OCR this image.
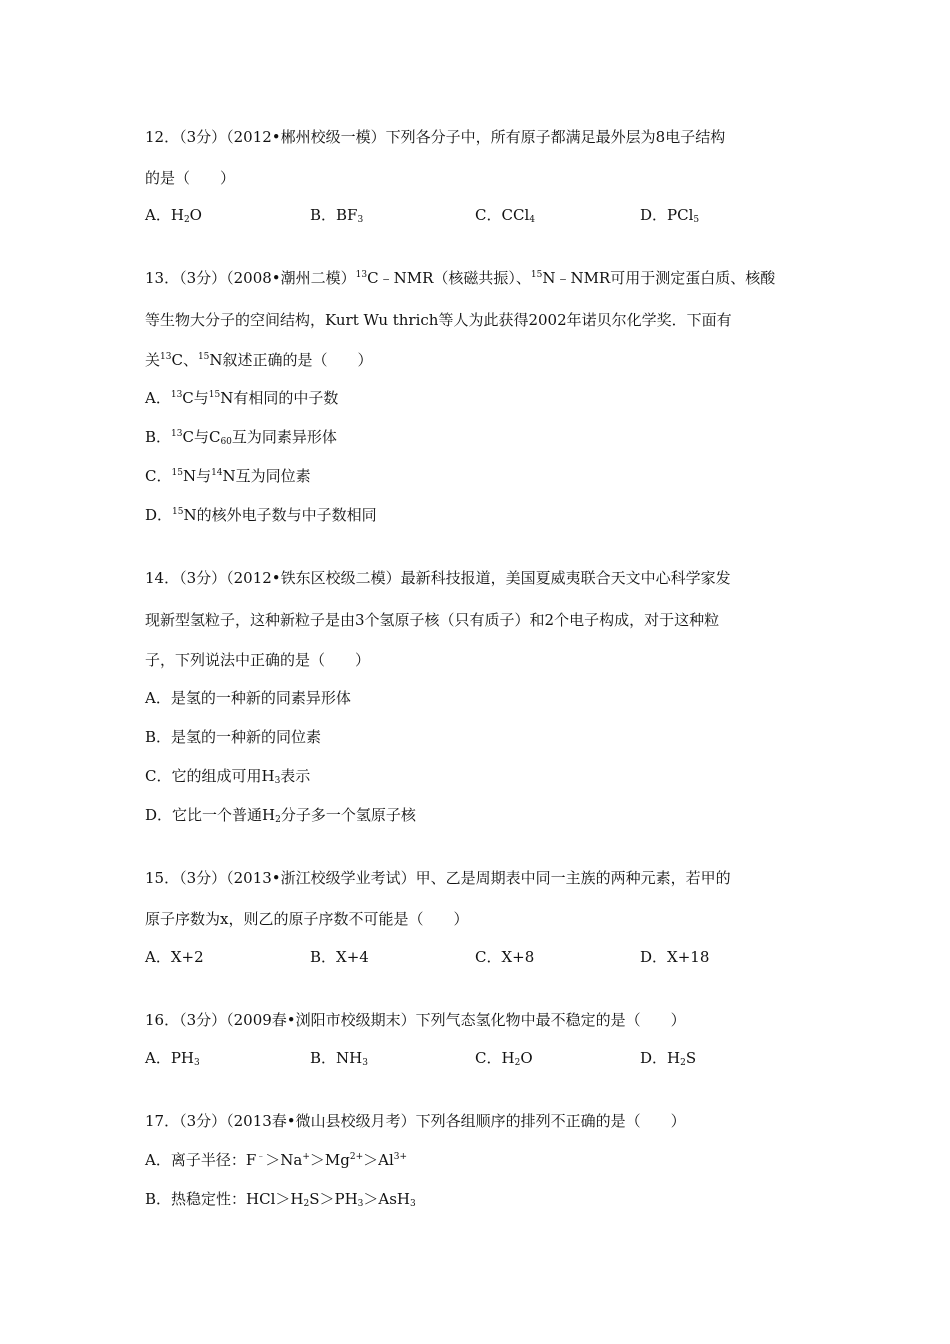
12．（3分）（2012•郴州校级一模）下列各分子中，所有原子都满足最外层为8电子结构
的是（　　）
A．$H_2O$	B．$BF_3$	C．CCl$_4$	D．PCl$_5$
13．（3分）（2008•潮州二模）$^{13}$C﹣NMR（核磁共振）、$^{15}$N﹣NMR可用于测定蛋白质、核酸
等生物大分子的空间结构，Kurt Wu thrich等人为此获得2002年诺贝尔化学奖．下面有
关$^{13}$C、$^{15}$N叙述正确的是（　　）
A．$^{13}$C与$^{15}$N有相同的中子数
B．$^{13}$C与$C_{60}$互为同素异形体
C．$^{15}$N与$^{14}$N互为同位素
D．$^{15}$N的核外电子数与中子数相同
14．（3分）（2012•铁东区校级二模）最新科技报道，美国夏威夷联合天文中心科学家发
现新型氢粒子，这种新粒子是由3个氢原子核（只有质子）和2个电子构成，对于这种粒
子，下列说法中正确的是（　　）
A．是氢的一种新的同素异形体
B．是氢的一种新的同位素
C．它的组成可用$H_3$表示
D．它比一个普通$H_2$分子多一个氢原子核
15．（3分）（2013•浙江校级学业考试）甲、乙是周期表中同一主族的两种元素，若甲的
原子序数为x，则乙的原子序数不可能是（　　）
A．X+2	B．X+4	C．X+8	D．X+18
16．（3分）（2009春•浏阳市校级期末）下列气态氢化物中最不稳定的是（　　）
A．$PH_3$	B．$NH_3$	C．$H_2O$	D．$H_2S$
17．（3分）（2013春•微山县校级月考）下列各组顺序的排列不正确的是（　　）
A．离子半径：$F^﹣>Na^+>Mg^{2+}>Al^{3+}$
B．热稳定性：$HCl>H_2S>PH_3>AsH_3$
